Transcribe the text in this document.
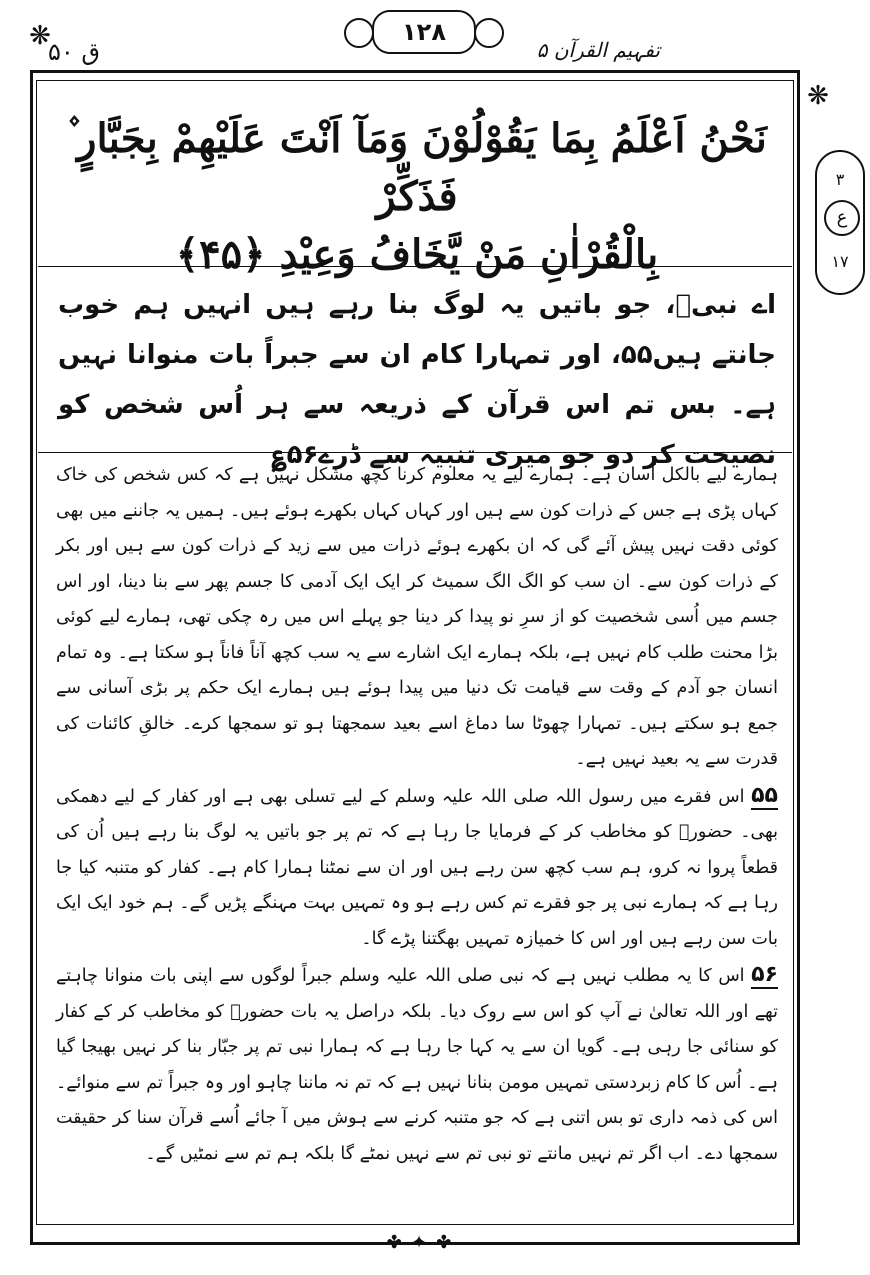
ق ۵۰
۱۲۸
تفہیم القرآن ۵
❋
❋
۳
ع
۱۷
نَحْنُ اَعْلَمُ بِمَا یَقُوْلُوْنَ وَمَآ اَنْتَ عَلَیْهِمْ بِجَبَّارٍ ۫ فَذَكِّرْ
بِالْقُرْاٰنِ مَنْ یَّخَافُ وَعِیْدِ ﴿۴۵﴾
اے نبیؐ، جو باتیں یہ لوگ بنا رہے ہیں انہیں ہم خوب جانتے ہیں۵۵، اور تمہارا کام ان سے جبراً بات منوانا نہیں ہے۔ بس تم اس قرآن کے ذریعہ سے ہر اُس شخص کو نصیحت کر دو جو میری تنبیہ سے ڈرے۵۶؏

ہمارے لیے بالکل آسان ہے۔ ہمارے لیے یہ معلوم کرنا کچھ مشکل نہیں ہے کہ کس شخص کی خاک کہاں پڑی ہے جس کے ذرات کون سے ہیں اور کہاں کہاں بکھرے ہوئے ہیں۔ ہمیں یہ جاننے میں بھی کوئی دقت نہیں پیش آئے گی کہ ان بکھرے ہوئے ذرات میں سے زید کے ذرات کون سے ہیں اور بکر کے ذرات کون سے۔ ان سب کو الگ الگ سمیٹ کر ایک ایک آدمی کا جسم پھر سے بنا دینا، اور اس جسم میں اُسی شخصیت کو از سرِ نو پیدا کر دینا جو پہلے اس میں رہ چکی تھی، ہمارے لیے کوئی بڑا محنت طلب کام نہیں ہے، بلکہ ہمارے ایک اشارے سے یہ سب کچھ آناً فاناً ہو سکتا ہے۔ وہ تمام انسان جو آدم کے وقت سے قیامت تک دنیا میں پیدا ہوئے ہیں ہمارے ایک حکم پر بڑی آسانی سے جمع ہو سکتے ہیں۔ تمہارا چھوٹا سا دماغ اسے بعید سمجھتا ہو تو سمجھا کرے۔ خالقِ کائنات کی قدرت سے یہ بعید نہیں ہے۔

۵۵ اس فقرے میں رسول اللہ صلی اللہ علیہ وسلم کے لیے تسلی بھی ہے اور کفار کے لیے دھمکی بھی۔ حضورؐ کو مخاطب کر کے فرمایا جا رہا ہے کہ تم پر جو باتیں یہ لوگ بنا رہے ہیں اُن کی قطعاً پروا نہ کرو، ہم سب کچھ سن رہے ہیں اور ان سے نمٹنا ہمارا کام ہے۔ کفار کو متنبہ کیا جا رہا ہے کہ ہمارے نبی پر جو فقرے تم کس رہے ہو وہ تمہیں بہت مہنگے پڑیں گے۔ ہم خود ایک ایک بات سن رہے ہیں اور اس کا خمیازہ تمہیں بھگتنا پڑے گا۔

۵۶ اس کا یہ مطلب نہیں ہے کہ نبی صلی اللہ علیہ وسلم جبراً لوگوں سے اپنی بات منوانا چاہتے تھے اور اللہ تعالیٰ نے آپ کو اس سے روک دیا۔ بلکہ دراصل یہ بات حضورؐ کو مخاطب کر کے کفار کو سنائی جا رہی ہے۔ گویا ان سے یہ کہا جا رہا ہے کہ ہمارا نبی تم پر جبّار بنا کر نہیں بھیجا گیا ہے۔ اُس کا کام زبردستی تمہیں مومن بنانا نہیں ہے کہ تم نہ ماننا چاہو اور وہ جبراً تم سے منوائے۔ اس کی ذمہ داری تو بس اتنی ہے کہ جو متنبہ کرنے سے ہوش میں آ جائے اُسے قرآن سنا کر حقیقت سمجھا دے۔ اب اگر تم نہیں مانتے تو نبی تم سے نہیں نمٹے گا بلکہ ہم تم سے نمٹیں گے۔

✤ ✦ ✤
